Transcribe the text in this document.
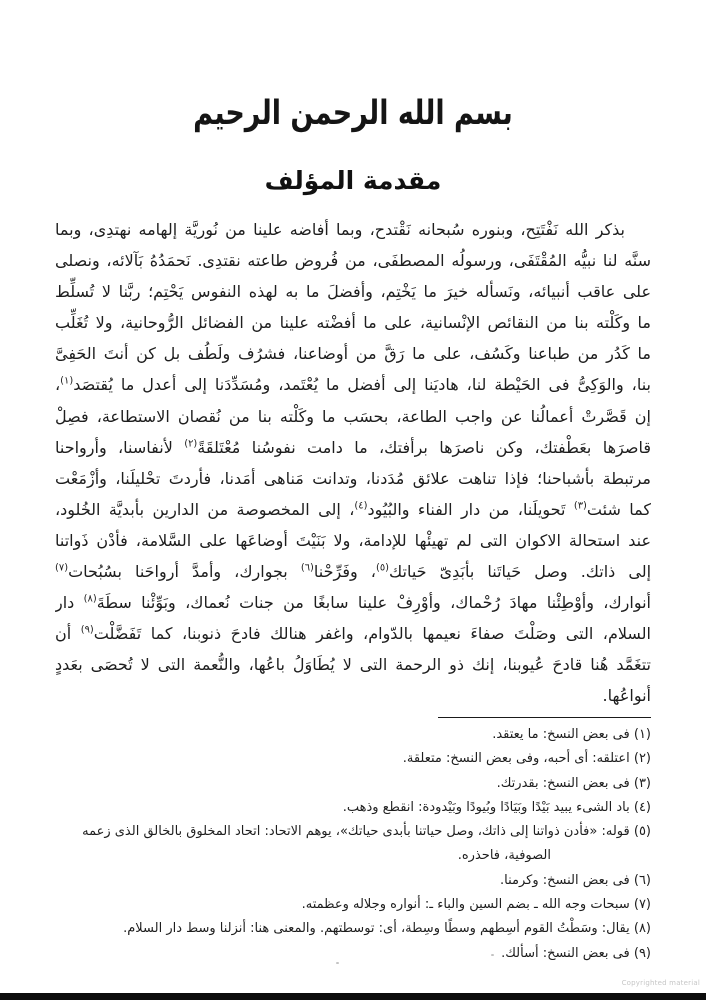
بسم الله الرحمن الرحيم
مقدمة المؤلف
بذكر الله نَفْتَتِح، وبنوره سُبحانه نَقْتدح، وبما أفاضه علينا من نُوريَّة إلهامه نهتدِى، وبما
سنَّه لنا نبيُّه المُقْتَفَى، ورسولُه المصطفَى، من فُروض طاعته نقتدِى. نَحمَدُهُ بَآلائه، ونصلى
على عاقب أنبيائه، ونَسأله خيرَ ما يَخْتِم، وأفضلَ ما به لهذه النفوس يَحْتِم؛ ربَّنا لا تُسلِّط
ما وكَلْته بنا من النقائص الإنْسانية، على ما أفضْته علينا من الفضائل الرُّوحانية، ولا تُغَلِّب
ما كَدُر من طباعنا وكَسُف، على ما رَقَّ من أوضاعنا، فشرُف ولَطُف بل كن أنتَ الحَفِىَّ
بنا، والوَكِىُّ فى الحَيْطة لنا، هاديَنا إلى أفضل ما يُعْتَمد، ومُسَدِّدَنا إلى أعدل ما يُقتصَد$^{(١)}$،
إن قَصَّرتْ أعمالُنا عن واجب الطاعة، بحسَب ما وكَلْته بنا من نُقصان الاستطاعة، فصِلْ
قاصرَها بعَطْفتك، وكن ناصرَها برأفتك، ما دامت نفوسُنا مُعْتَلقَةً$^{(٢)}$ لأنفاسنا، وأرواحنا
مرتبطة بأشباحنا؛ فإذا تناهت علائق مُدَدنا، وتدانت مَناهى أمَدنا، فأردتَ تحْليلَنا، وأزْمَعْت
كما شئت$^{(٣)}$ تَحويلَنا، من دار الفناء والبُيُود$^{(٤)}$، إلى المخصوصة من الدارين بأبديَّة الخُلود،
عند استحالة الاكوان التى لم تهيئْها للإدامة، ولا بَنَيْتَ أوضاعَها على السَّلامة، فأدْن ذَواتنا
إلى ذاتك. وصل حَياتَنا بأبَدِىّ حَياتك$^{(٥)}$، وفَرِّحْنا$^{(٦)}$ بجوارك، وأمدَّ أرواحَنا بسُبُحات$^{(٧)}$
أنوارك، وأوْطِئْنا مهادَ رُحْماك، وأوْرِفْ علينا سابغًا من جنات نُعماك، وبَوِّئْنا سطَةَ$^{(٨)}$ دار
السلام، التى وصَلْتَ صفاءَ نعيمها بالدّوام، واغفر هنالك فادحَ ذنوبنا، كما تَفَضَّلْت$^{(٩)}$ أن
تتغَمَّد هُنا قادحَ عُيوبنا، إنك ذو الرحمة التى لا يُطَاوَلُ باعُها، والنُّعمة التى لا تُحصَى بعَددٍ
أنواعُها.
(١) فى بعض النسخ: ما يعتقد.
(٢) اعتلقه: أى أحبه، وفى بعض النسخ: متعلقة.
(٣) فى بعض النسخ: بقدرتك.
(٤) باد الشىء يبيد بَيْدًا وبَيَادًا وبُيودًا وبَيْدودة: انقطع وذهب.
(٥) قوله: «فأدن ذواتنا إلى ذاتك، وصل حياتنا بأبدى حياتك»، يوهم الاتحاد: اتحاد المخلوق بالخالق الذى زعمه الصوفية، فاحذره.
(٦) فى بعض النسخ: وكرمنا.
(٧) سبحات وجه الله ـ بضم السين والباء ـ: أنواره وجلاله وعظمته.
(٨) يقال: وسَطْتُ القوم أسِطهم وسطًا وسِطة، أى: توسطتهم. والمعنى هنا: أنزلنا وسط دار السلام.
(٩) فى بعض النسخ: أسألك.
Copyrighted material
